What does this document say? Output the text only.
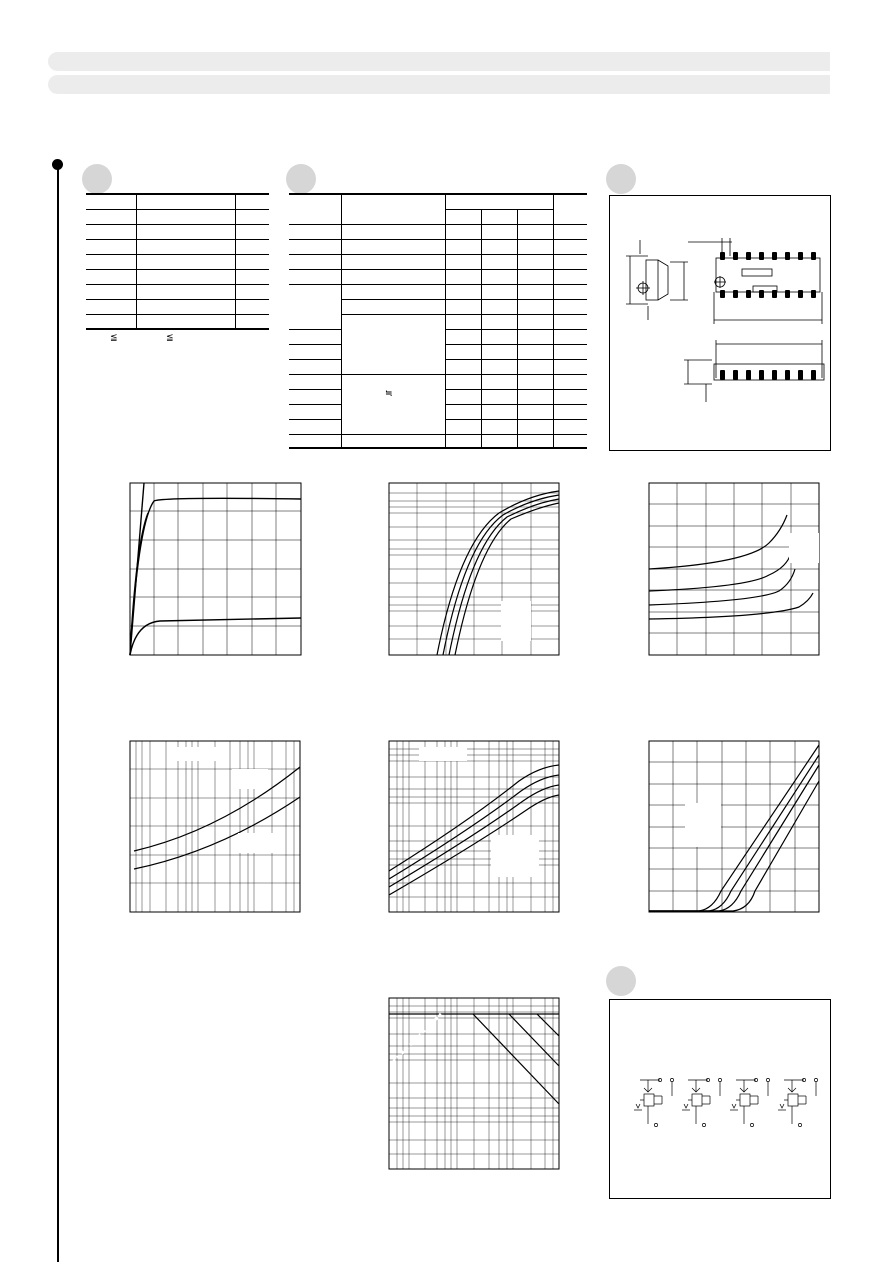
≦	≦
≒
